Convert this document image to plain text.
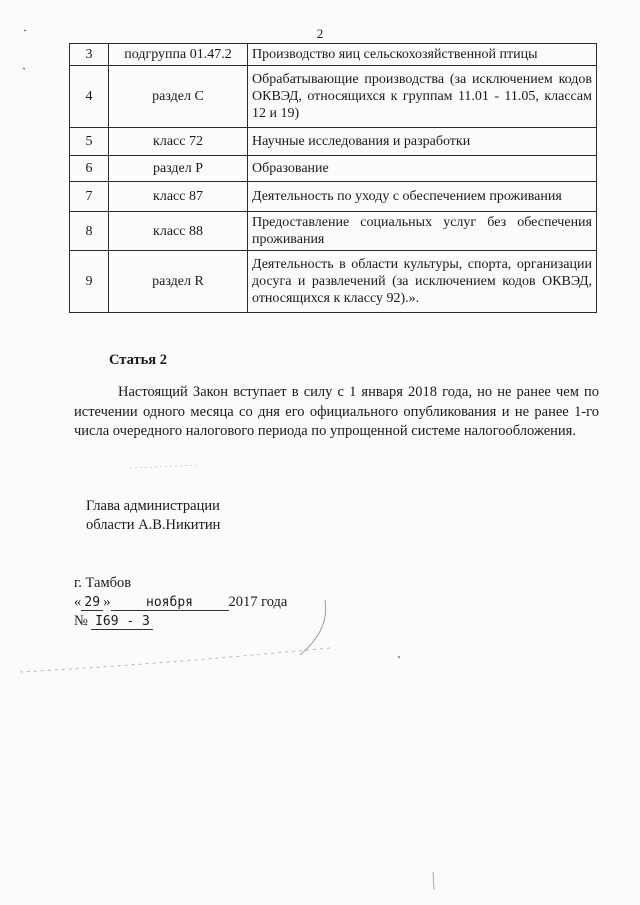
2
3	подгруппа 01.47.2	Производство яиц сельскохозяйственной птицы
4	раздел С	Обрабатывающие производства (за исключением кодов ОКВЭД, относящихся к группам 11.01 - 11.05, классам 12 и 19)
5	класс 72	Научные исследования и разработки
6	раздел Р	Образование
7	класс 87	Деятельность по уходу с обеспечением проживания
8	класс 88	Предоставление социальных услуг без обеспечения проживания
9	раздел R	Деятельность в области культуры, спорта, организации досуга и развлечений (за исключением кодов ОКВЭД, относящихся к классу 92).».
Статья 2
Настоящий Закон вступает в силу с 1 января 2018 года, но не ранее чем по истечении одного месяца со дня его официального опубликования и не ранее 1-го числа очередного налогового периода по упрощенной системе налогообложения.
Глава администрации
области А.В.Никитин
г. Тамбов
« 29 »	ноября 2017 года
№ I69 - З
